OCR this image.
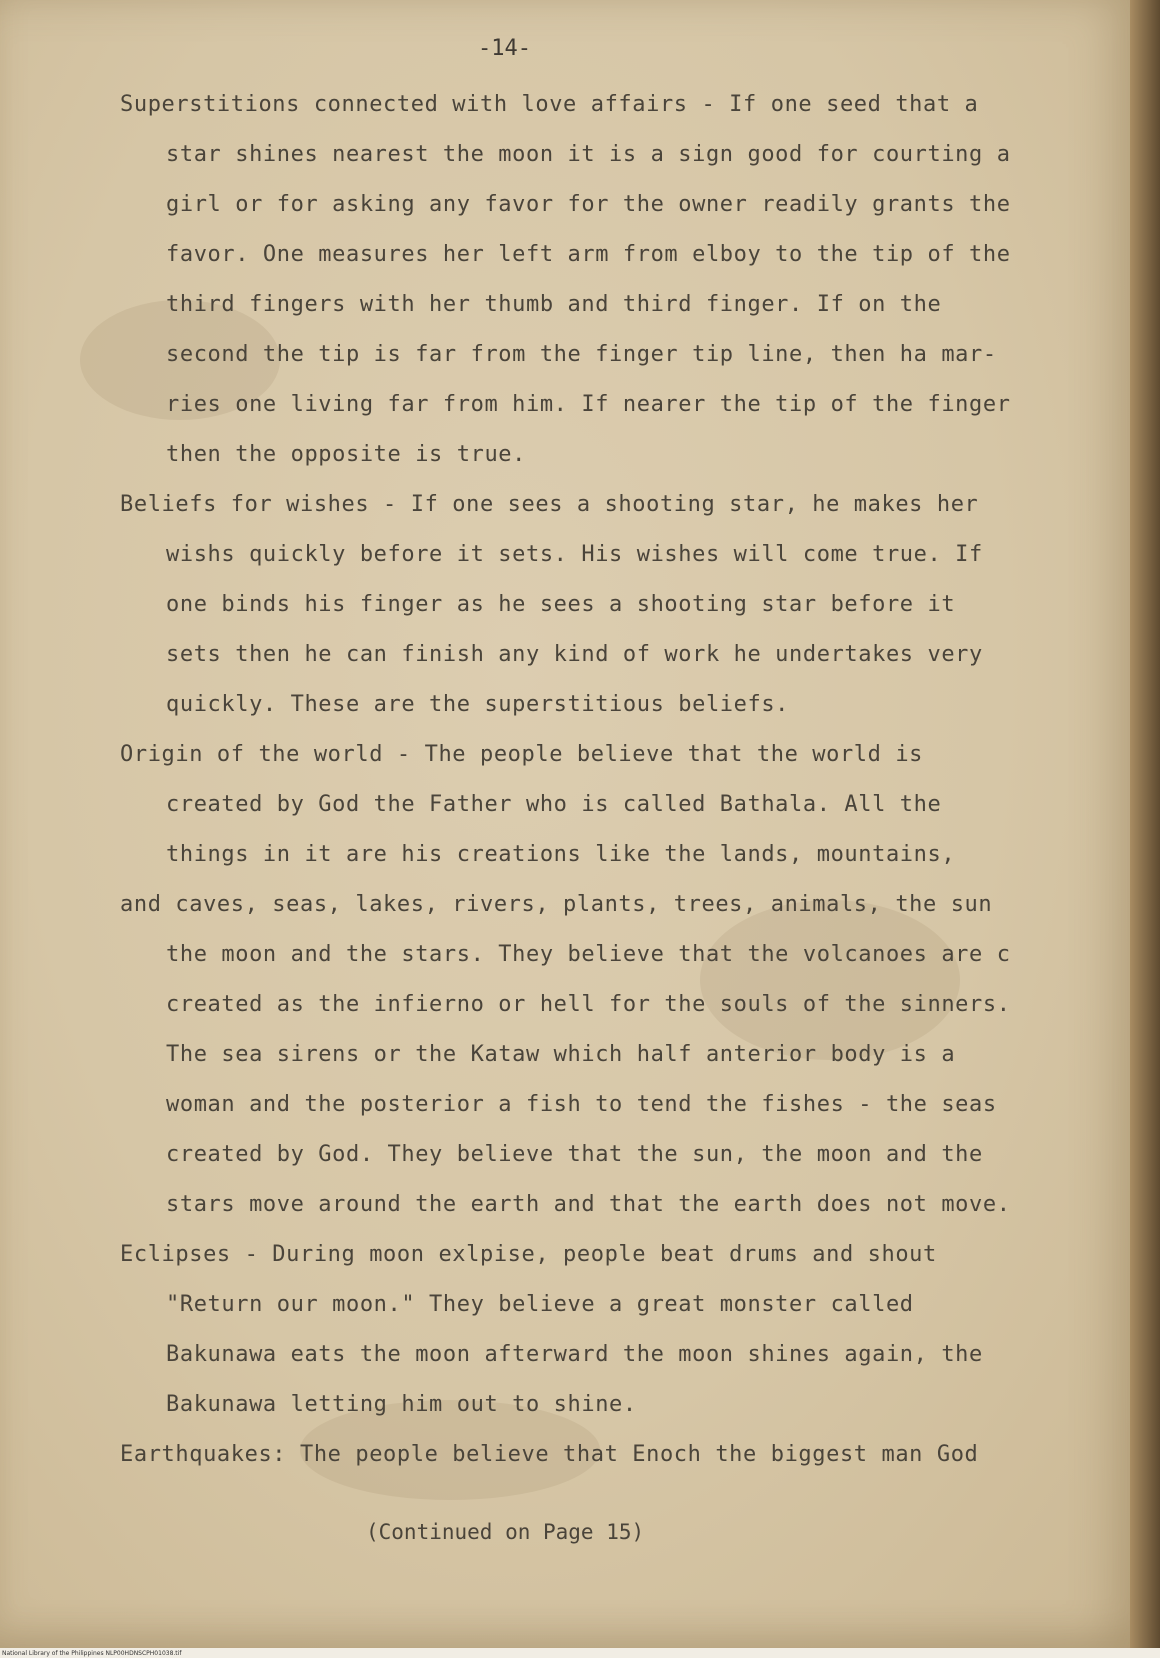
-14-
Superstitions connected with love affairs - If one seed that a
star shines nearest the moon it is a sign good for courting a
girl or for asking any favor for the owner readily grants the
favor. One measures her left arm from elboy to the tip of the
third fingers with her thumb and third finger. If on the
second the tip is far from the finger tip line, then ha mar-
ries one living far from him. If nearer the tip of the finger
then the opposite is true.
Beliefs for wishes - If one sees a shooting star, he makes her
wishs quickly before it sets. His wishes will come true. If
one binds his finger as he sees a shooting star before it
sets then he can finish any kind of work he undertakes very
quickly. These are the superstitious beliefs.
Origin of the world - The people believe that the world is
created by God the Father who is called Bathala. All the
things in it are his creations like the lands, mountains,
and caves, seas, lakes, rivers, plants, trees, animals, the sun
the moon and the stars. They believe that the volcanoes are c
created as the infierno or hell for the souls of the sinners.
The sea sirens or the Kataw which half anterior body is a
woman and the posterior a fish to tend the fishes - the seas
created by God. They believe that the sun, the moon and the
stars move around the earth and that the earth does not move.
Eclipses - During moon exlpise, people beat drums and shout
"Return our moon." They believe a great monster called
Bakunawa eats the moon afterward the moon shines again, the
Bakunawa letting him out to shine.
Earthquakes: The people believe that Enoch the biggest man God
(Continued on Page 15)
National Library of the Philippines NLP00HDNSCPH01038.tif
